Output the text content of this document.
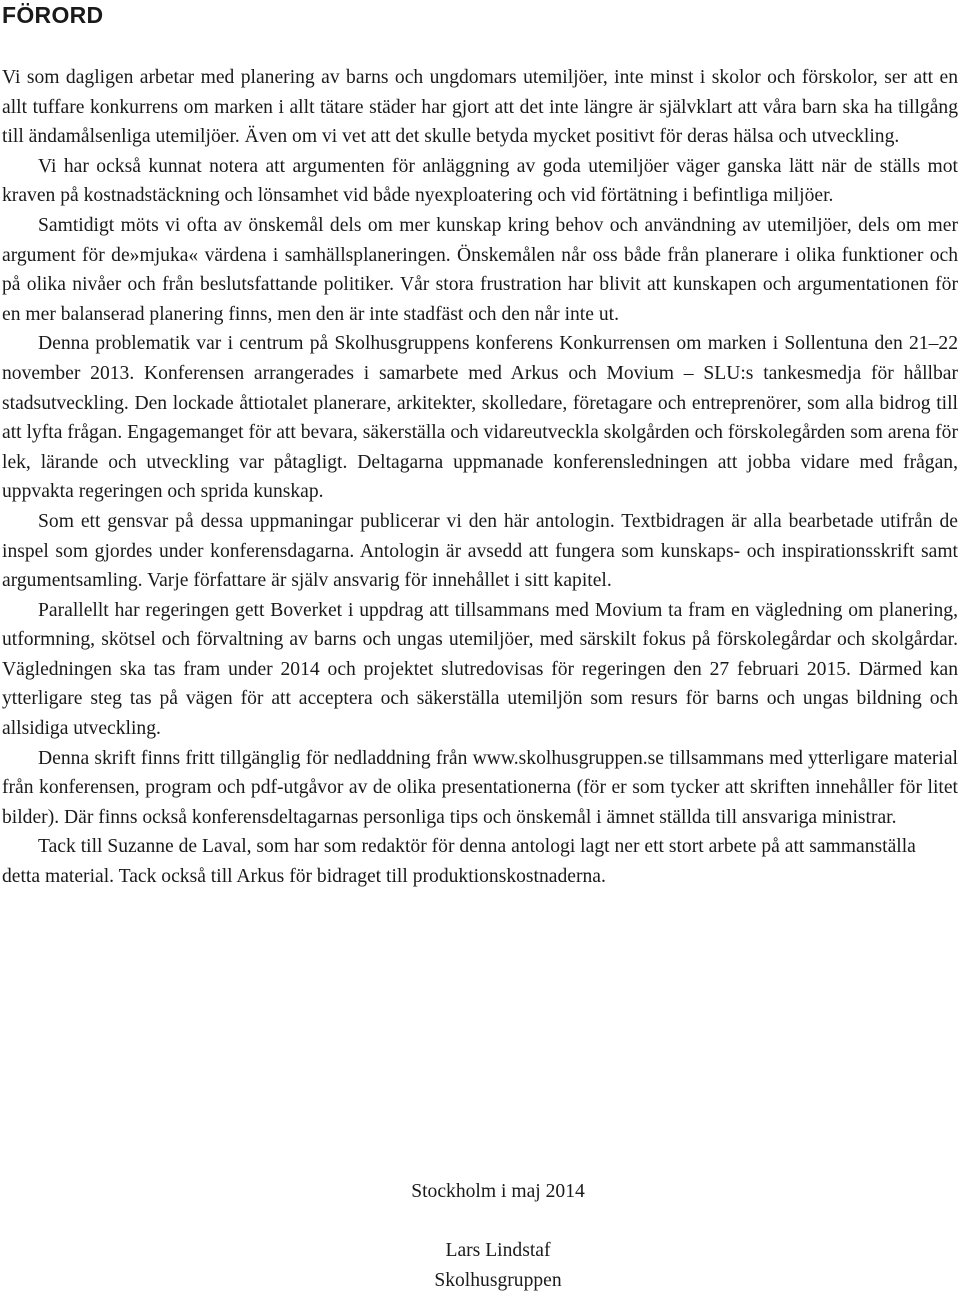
FÖRORD

Vi som dagligen arbetar med planering av barns och ungdomars utemiljöer, inte minst i skolor och förskolor, ser att en allt tuffare konkurrens om marken i allt tätare städer har gjort att det inte längre är självklart att våra barn ska ha tillgång till ändamålsenliga utemiljöer. Även om vi vet att det skulle betyda mycket positivt för deras hälsa och utveckling.

Vi har också kunnat notera att argumenten för anläggning av goda utemiljöer väger ganska lätt när de ställs mot kraven på kostnadstäckning och lönsamhet vid både nyexploatering och vid förtätning i befintliga miljöer.

Samtidigt möts vi ofta av önskemål dels om mer kunskap kring behov och användning av utemiljöer, dels om mer argument för de»mjuka« värdena i samhällsplaneringen. Önskemålen når oss både från planerare i olika funktioner och på olika nivåer och från beslutsfattande politiker. Vår stora frustration har blivit att kunskapen och argumentationen för en mer balanserad planering finns, men den är inte stadfäst och den når inte ut.

Denna problematik var i centrum på Skolhusgruppens konferens Konkurrensen om marken i Sollentuna den 21–22 november 2013. Konferensen arrangerades i samarbete med Arkus och Movium – SLU:s tankesmedja för hållbar stadsutveckling. Den lockade åttiotalet planerare, arkitekter, skolledare, företagare och entreprenörer, som alla bidrog till att lyfta frågan. Engagemanget för att bevara, säkerställa och vidareutveckla skolgården och förskolegården som arena för lek, lärande och utveckling var påtagligt. Deltagarna uppmanade konferensledningen att jobba vidare med frågan, uppvakta regeringen och sprida kunskap.

Som ett gensvar på dessa uppmaningar publicerar vi den här antologin. Textbidragen är alla bearbetade utifrån de inspel som gjordes under konferensdagarna. Antologin är avsedd att fungera som kunskaps- och inspirationsskrift samt argumentsamling. Varje författare är själv ansvarig för innehållet i sitt kapitel.

Parallellt har regeringen gett Boverket i uppdrag att tillsammans med Movium ta fram en vägledning om planering, utformning, skötsel och förvaltning av barns och ungas utemiljöer, med särskilt fokus på förskolegårdar och skolgårdar. Vägledningen ska tas fram under 2014 och projektet slutredovisas för regeringen den 27 februari 2015. Därmed kan ytterligare steg tas på vägen för att acceptera och säkerställa utemiljön som resurs för barns och ungas bildning och allsidiga utveckling.

Denna skrift finns fritt tillgänglig för nedladdning från www.skolhusgruppen.se tillsammans med ytterligare material från konferensen, program och pdf-utgåvor av de olika presentationerna (för er som tycker att skriften innehåller för litet bilder). Där finns också konferensdeltagarnas personliga tips och önskemål i ämnet ställda till ansvariga ministrar.

Tack till Suzanne de Laval, som har som redaktör för denna antologi lagt ner ett stort arbete på att sammanställa detta material. Tack också till Arkus för bidraget till produktionskostnaderna.

Stockholm i maj 2014

Lars Lindstaf

Skolhusgruppen
